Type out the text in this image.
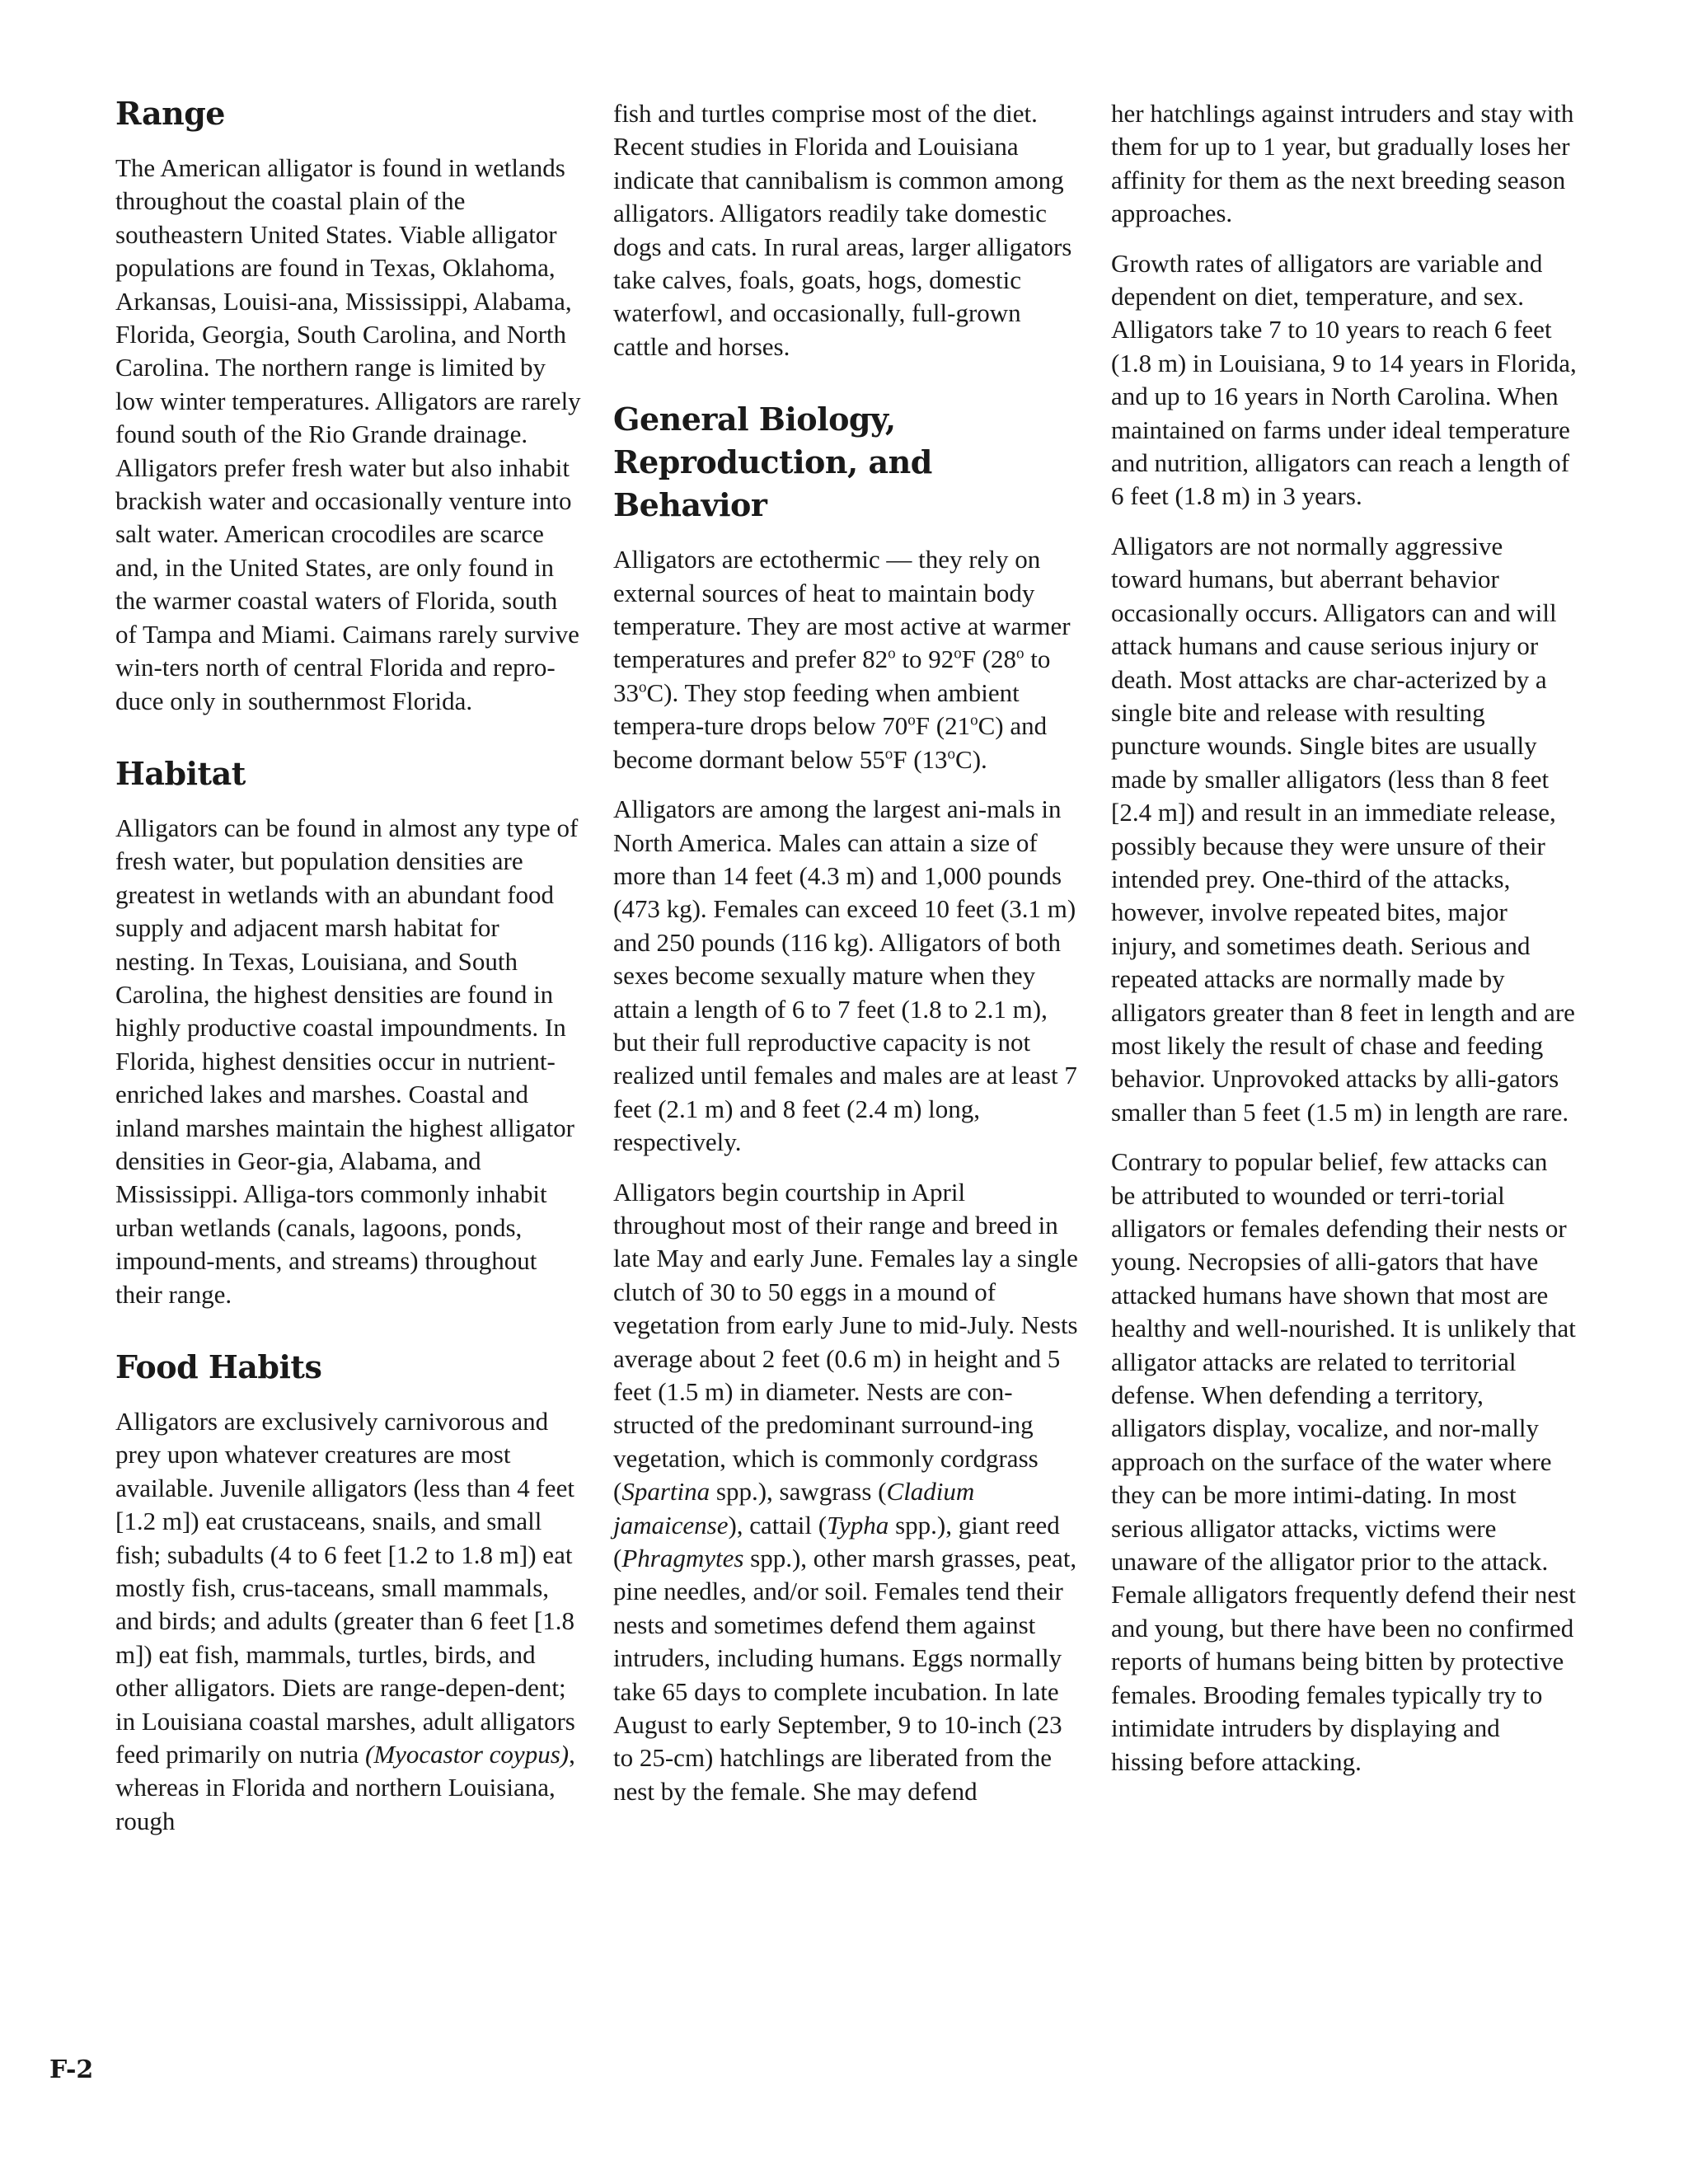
Range

The American alligator is found in wetlands throughout the coastal plain of the southeastern United States. Viable alligator populations are found in Texas, Oklahoma, Arkansas, Louisi-ana, Mississippi, Alabama, Florida, Georgia, South Carolina, and North Carolina. The northern range is limited by low winter temperatures. Alligators are rarely found south of the Rio Grande drainage. Alligators prefer fresh water but also inhabit brackish water and occasionally venture into salt water. American crocodiles are scarce and, in the United States, are only found in the warmer coastal waters of Florida, south of Tampa and Miami. Caimans rarely survive win-ters north of central Florida and repro-duce only in southernmost Florida.

Habitat

Alligators can be found in almost any type of fresh water, but population densities are greatest in wetlands with an abundant food supply and adjacent marsh habitat for nesting. In Texas, Louisiana, and South Carolina, the highest densities are found in highly productive coastal impoundments. In Florida, highest densities occur in nutrient-enriched lakes and marshes. Coastal and inland marshes maintain the highest alligator densities in Geor-gia, Alabama, and Mississippi. Alliga-tors commonly inhabit urban wetlands (canals, lagoons, ponds, impound-ments, and streams) throughout their range.

Food Habits

Alligators are exclusively carnivorous and prey upon whatever creatures are most available. Juvenile alligators (less than 4 feet [1.2 m]) eat crustaceans, snails, and small fish; subadults (4 to 6 feet [1.2 to 1.8 m]) eat mostly fish, crus-taceans, small mammals, and birds; and adults (greater than 6 feet [1.8 m]) eat fish, mammals, turtles, birds, and other alligators. Diets are range-depen-dent; in Louisiana coastal marshes, adult alligators feed primarily on nutria (Myocastor coypus), whereas in Florida and northern Louisiana, rough

fish and turtles comprise most of the diet. Recent studies in Florida and Louisiana indicate that cannibalism is common among alligators. Alligators readily take domestic dogs and cats. In rural areas, larger alligators take calves, foals, goats, hogs, domestic waterfowl, and occasionally, full-grown cattle and horses.

General Biology, Reproduction, and Behavior

Alligators are ectothermic — they rely on external sources of heat to maintain body temperature. They are most active at warmer temperatures and prefer 82$^o$ to 92$^o$F (28$^o$ to 33$^o$C). They stop feeding when ambient tempera-ture drops below 70$^o$F (21$^o$C) and become dormant below 55$^o$F (13$^o$C).

Alligators are among the largest ani-mals in North America. Males can attain a size of more than 14 feet (4.3 m) and 1,000 pounds (473 kg). Females can exceed 10 feet (3.1 m) and 250 pounds (116 kg). Alligators of both sexes become sexually mature when they attain a length of 6 to 7 feet (1.8 to 2.1 m), but their full reproductive capacity is not realized until females and males are at least 7 feet (2.1 m) and 8 feet (2.4 m) long, respectively.

Alligators begin courtship in April throughout most of their range and breed in late May and early June. Females lay a single clutch of 30 to 50 eggs in a mound of vegetation from early June to mid-July. Nests average about 2 feet (0.6 m) in height and 5 feet (1.5 m) in diameter. Nests are con-structed of the predominant surround-ing vegetation, which is commonly cordgrass (Spartina spp.), sawgrass (Cladium jamaicense), cattail (Typha spp.), giant reed (Phragmytes spp.), other marsh grasses, peat, pine needles, and/or soil. Females tend their nests and sometimes defend them against intruders, including humans. Eggs normally take 65 days to complete incubation. In late August to early September, 9 to 10-inch (23 to 25-cm) hatchlings are liberated from the nest by the female. She may defend

her hatchlings against intruders and stay with them for up to 1 year, but gradually loses her affinity for them as the next breeding season approaches.

Growth rates of alligators are variable and dependent on diet, temperature, and sex. Alligators take 7 to 10 years to reach 6 feet (1.8 m) in Louisiana, 9 to 14 years in Florida, and up to 16 years in North Carolina. When maintained on farms under ideal temperature and nutrition, alligators can reach a length of 6 feet (1.8 m) in 3 years.

Alligators are not normally aggressive toward humans, but aberrant behavior occasionally occurs. Alligators can and will attack humans and cause serious injury or death. Most attacks are char-acterized by a single bite and release with resulting puncture wounds. Single bites are usually made by smaller alligators (less than 8 feet [2.4 m]) and result in an immediate release, possibly because they were unsure of their intended prey. One-third of the attacks, however, involve repeated bites, major injury, and sometimes death. Serious and repeated attacks are normally made by alligators greater than 8 feet in length and are most likely the result of chase and feeding behavior. Unprovoked attacks by alli-gators smaller than 5 feet (1.5 m) in length are rare.

Contrary to popular belief, few attacks can be attributed to wounded or terri-torial alligators or females defending their nests or young. Necropsies of alli-gators that have attacked humans have shown that most are healthy and well-nourished. It is unlikely that alligator attacks are related to territorial defense. When defending a territory, alligators display, vocalize, and nor-mally approach on the surface of the water where they can be more intimi-dating. In most serious alligator attacks, victims were unaware of the alligator prior to the attack. Female alligators frequently defend their nest and young, but there have been no confirmed reports of humans being bitten by protective females. Brooding females typically try to intimidate intruders by displaying and hissing before attacking.

F-2
